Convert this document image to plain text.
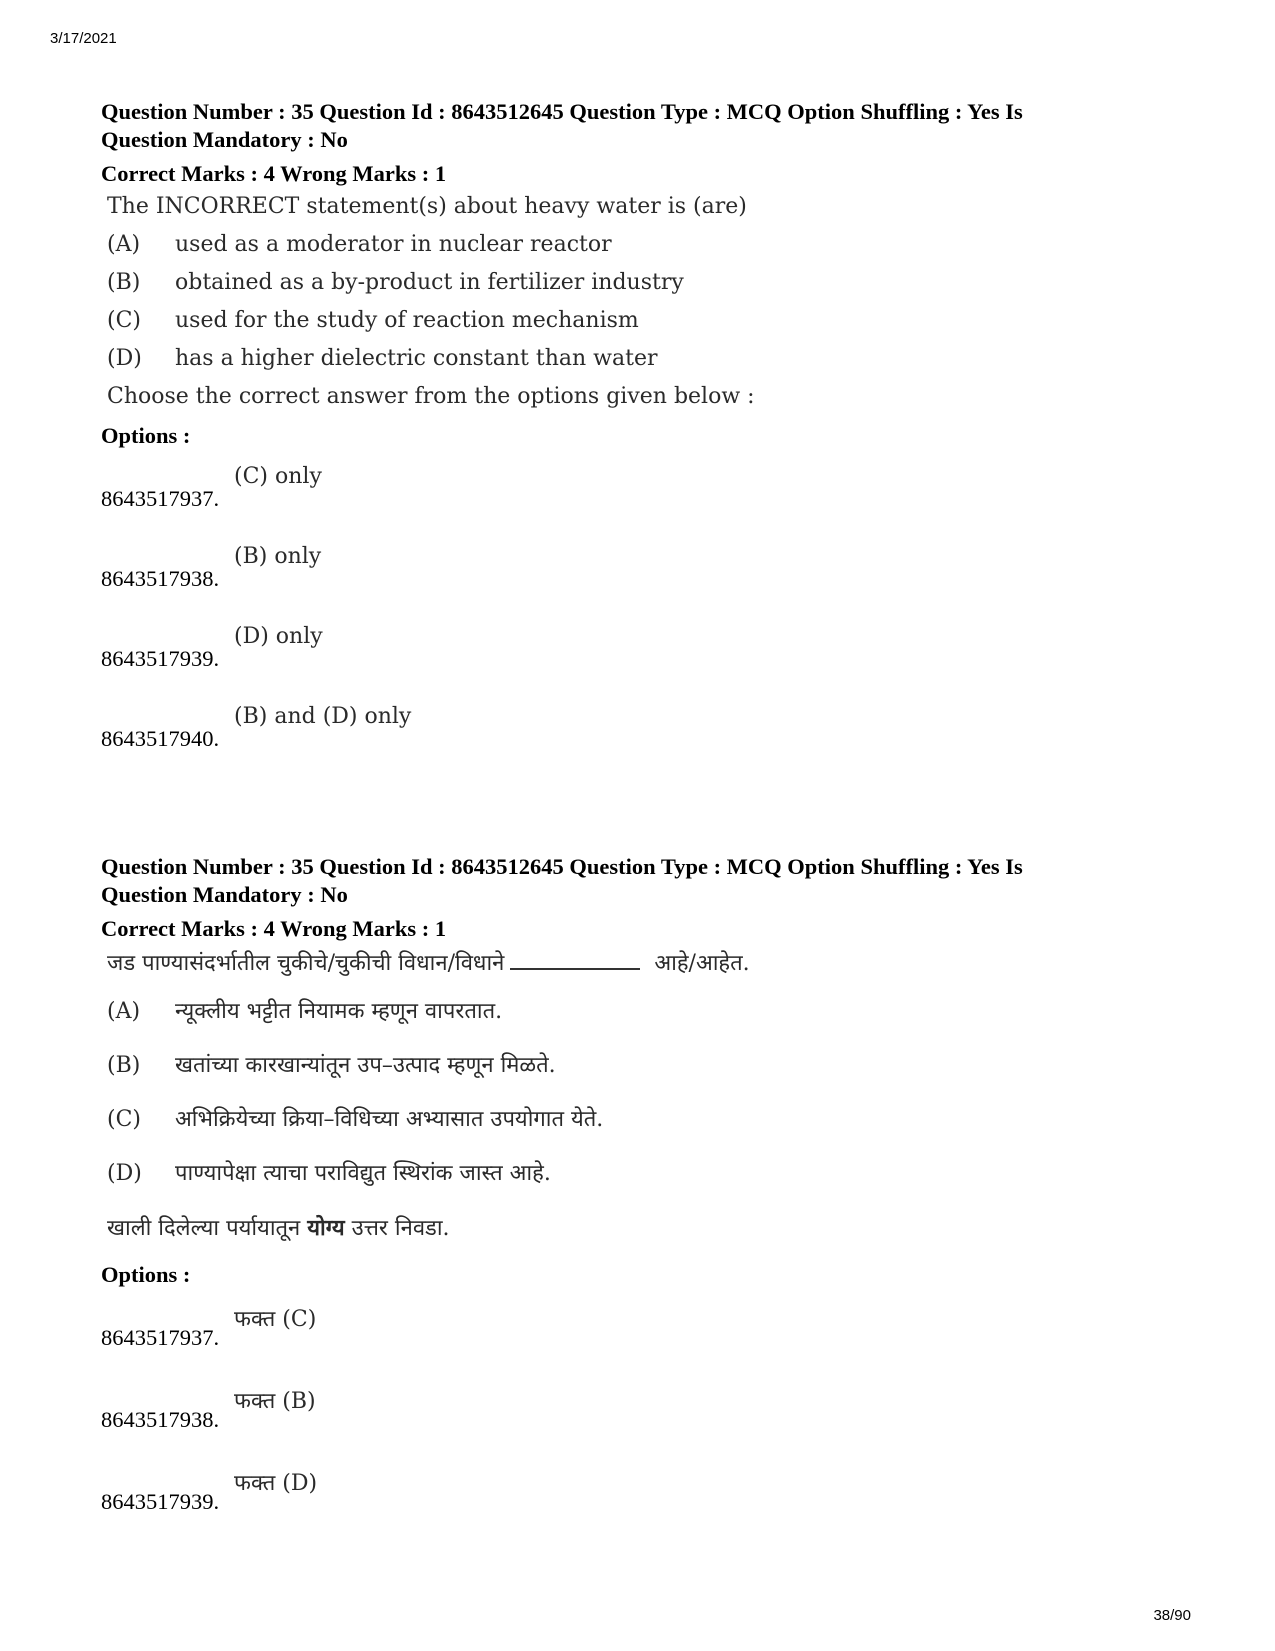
3/17/2021
Question Number : 35 Question Id : 8643512645 Question Type : MCQ Option Shuffling : Yes Is
Question Mandatory : No
Correct Marks : 4 Wrong Marks : 1
The INCORRECT statement(s) about heavy water is (are)
(A) used as a moderator in nuclear reactor
(B) obtained as a by-product in fertilizer industry
(C) used for the study of reaction mechanism
(D) has a higher dielectric constant than water
Choose the correct answer from the options given below :
Options :
8643517937.
(C) only
8643517938.
(B) only
8643517939.
(D) only
8643517940.
(B) and (D) only
Question Number : 35 Question Id : 8643512645 Question Type : MCQ Option Shuffling : Yes Is
Question Mandatory : No
Correct Marks : 4 Wrong Marks : 1
जड पाण्यासंदर्भातील चुकीचे/चुकीची विधान/विधाने	आहे/आहेत.
(A) न्यूक्लीय भट्टीत नियामक म्हणून वापरतात.
(B) खतांच्या कारखान्यांतून उप–उत्पाद म्हणून मिळते.
(C) अभिक्रियेच्या क्रिया–विधिच्या अभ्यासात उपयोगात येते.
(D) पाण्यापेक्षा त्याचा पराविद्युत स्थिरांक जास्त आहे.
खाली दिलेल्या पर्यायातून योग्य उत्तर निवडा.
Options :
8643517937.
फक्त (C)
8643517938.
फक्त (B)
8643517939.
फक्त (D)
38/90
